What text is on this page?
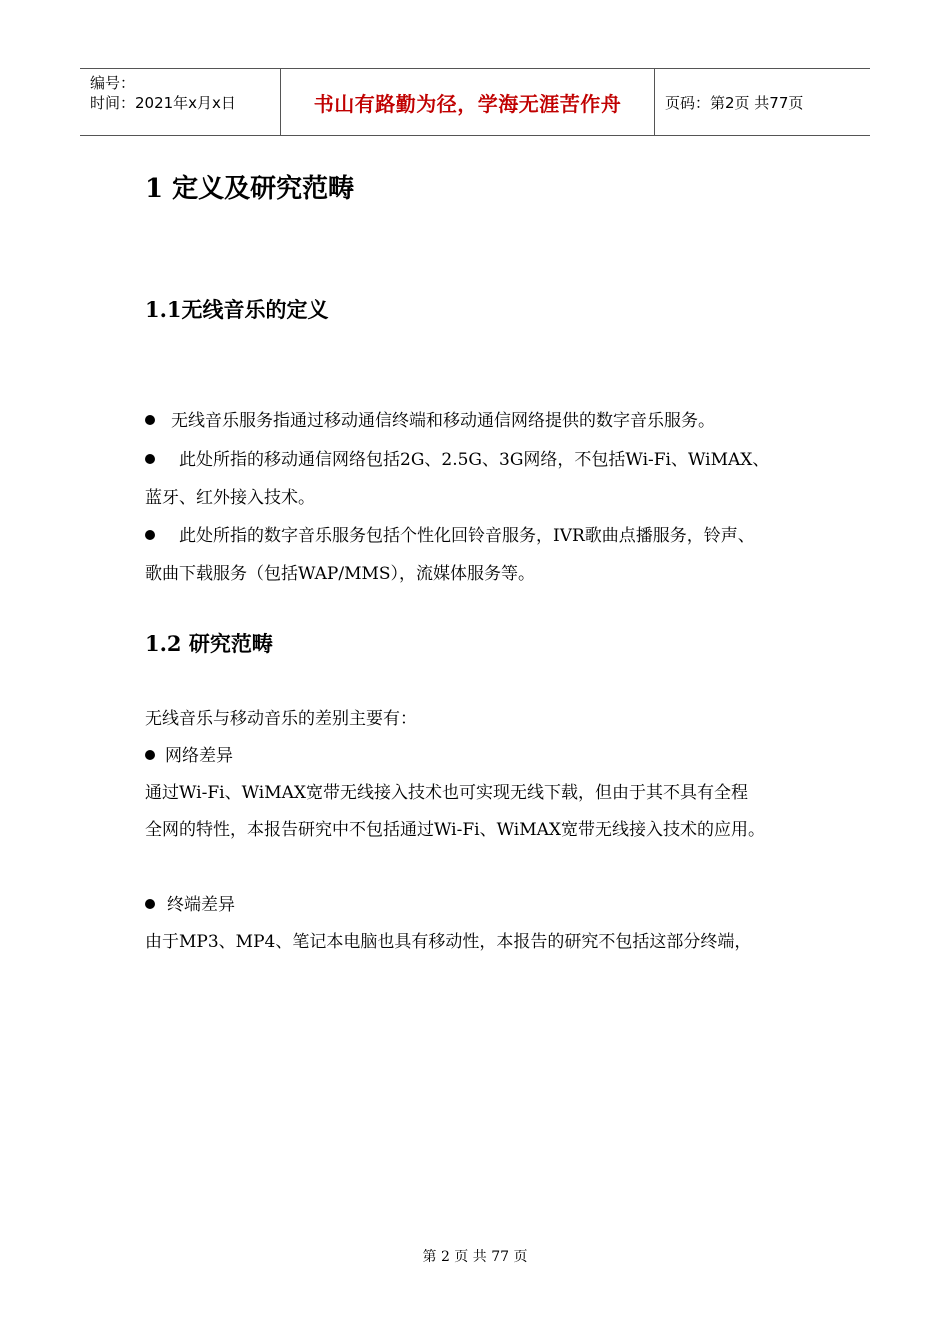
编号：
时间：2021年x月x日	书山有路勤为径，学海无涯苦作舟	页码：第2页 共77页
1 定义及研究范畴
1.1无线音乐的定义
无线音乐服务指通过移动通信终端和移动通信网络提供的数字音乐服务。
此处所指的移动通信网络包括2G、2.5G、3G网络，不包括Wi-Fi、WiMAX、
蓝牙、红外接入技术。
此处所指的数字音乐服务包括个性化回铃音服务，IVR歌曲点播服务，铃声、
歌曲下载服务（包括WAP/MMS），流媒体服务等。
1.2 研究范畴
无线音乐与移动音乐的差别主要有：
网络差异
通过Wi-Fi、WiMAX宽带无线接入技术也可实现无线下载，但由于其不具有全程
全网的特性，本报告研究中不包括通过Wi-Fi、WiMAX宽带无线接入技术的应用。
终端差异
由于MP3、MP4、笔记本电脑也具有移动性，本报告的研究不包括这部分终端，
第 2 页 共 77 页
